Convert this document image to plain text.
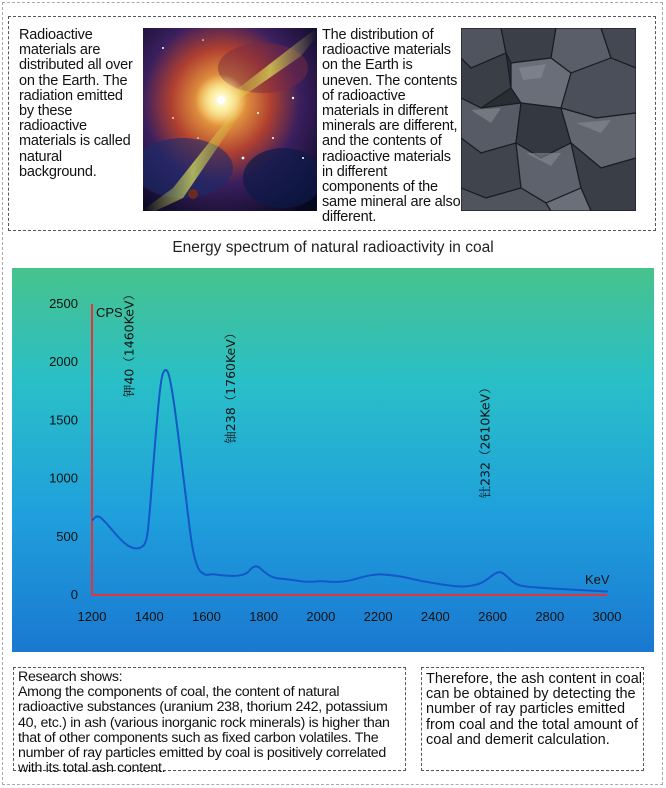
Radioactive materials are distributed all over on the Earth. The radiation emitted by these radioactive materials is called natural background.
The distribution of radioactive materials on the Earth is uneven. The contents of radioactive materials in different minerals are different, and the contents of radioactive materials in different components of the same mineral are also different.
Energy spectrum of natural radioactivity in coal
0
500
1000
1500
2000
2500
1200 1400 1600 1800 2000 2200 2400 2600 2800 3000
CPS
KeV
钾40（1460KeV）	铀238（1760KeV）	钍232（2610KeV）
Research shows:
Among the components of coal, the content of natural radioactive substances (uranium 238, thorium 242, potassium 40, etc.) in ash (various inorganic rock minerals) is higher than that of other components such as fixed carbon volatiles. The number of ray particles emitted by coal is positively correlated with its total ash content.
Therefore, the ash content in coal can be obtained by detecting the number of ray particles emitted from coal and the total amount of coal and demerit calculation.
